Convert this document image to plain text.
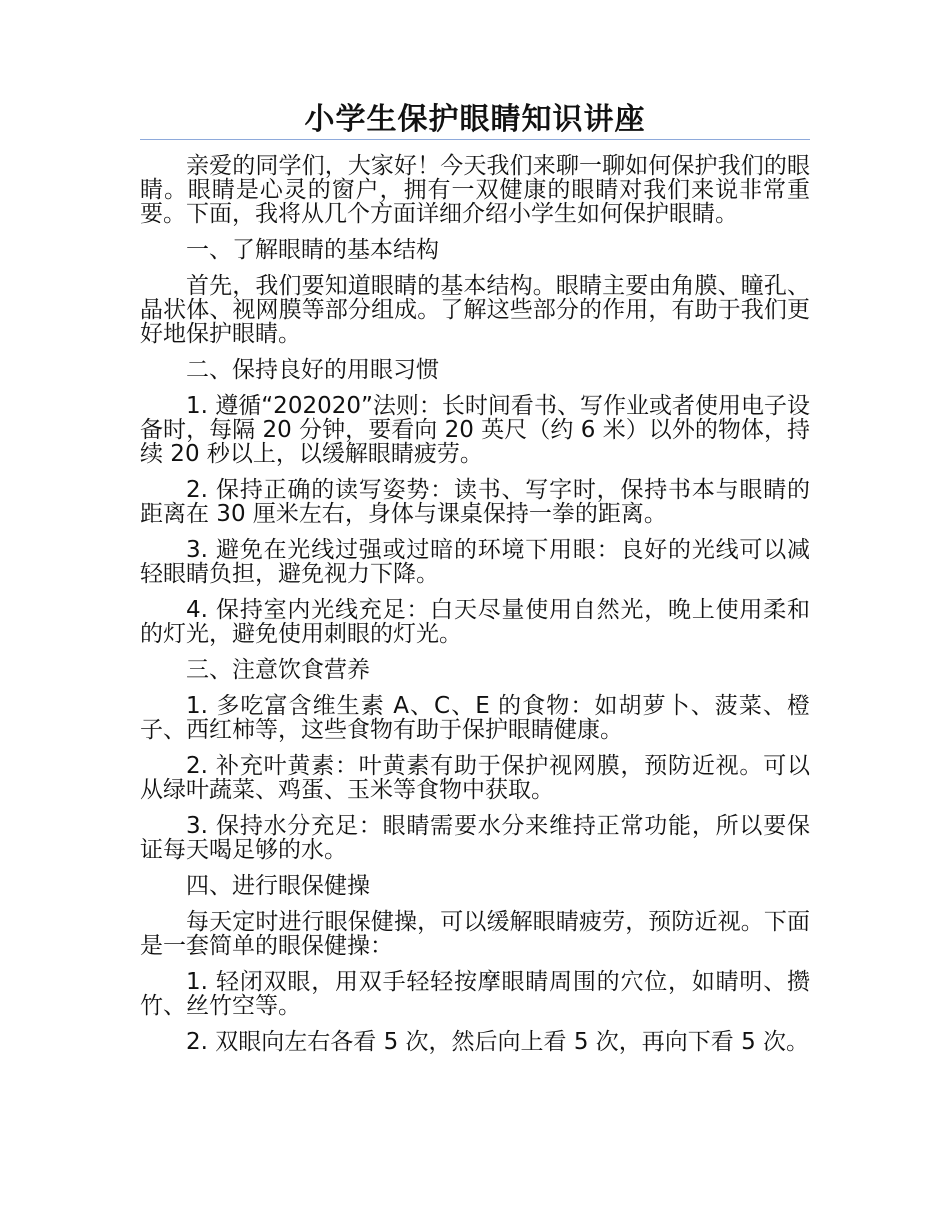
小学生保护眼睛知识讲座

亲爱的同学们，大家好！今天我们来聊一聊如何保护我们的眼睛。眼睛是心灵的窗户，拥有一双健康的眼睛对我们来说非常重要。下面，我将从几个方面详细介绍小学生如何保护眼睛。

一、了解眼睛的基本结构

首先，我们要知道眼睛的基本结构。眼睛主要由角膜、瞳孔、晶状体、视网膜等部分组成。了解这些部分的作用，有助于我们更好地保护眼睛。

二、保持良好的用眼习惯

1. 遵循“202020”法则：长时间看书、写作业或者使用电子设备时，每隔 20 分钟，要看向 20 英尺（约 6 米）以外的物体，持续 20 秒以上，以缓解眼睛疲劳。

2. 保持正确的读写姿势：读书、写字时，保持书本与眼睛的距离在 30 厘米左右，身体与课桌保持一拳的距离。

3. 避免在光线过强或过暗的环境下用眼：良好的光线可以减轻眼睛负担，避免视力下降。

4. 保持室内光线充足：白天尽量使用自然光，晚上使用柔和的灯光，避免使用刺眼的灯光。

三、注意饮食营养

1. 多吃富含维生素 A、C、E 的食物：如胡萝卜、菠菜、橙子、西红柿等，这些食物有助于保护眼睛健康。

2. 补充叶黄素：叶黄素有助于保护视网膜，预防近视。可以从绿叶蔬菜、鸡蛋、玉米等食物中获取。

3. 保持水分充足：眼睛需要水分来维持正常功能，所以要保证每天喝足够的水。

四、进行眼保健操

每天定时进行眼保健操，可以缓解眼睛疲劳，预防近视。下面是一套简单的眼保健操：

1. 轻闭双眼，用双手轻轻按摩眼睛周围的穴位，如睛明、攒竹、丝竹空等。

2. 双眼向左右各看 5 次，然后向上看 5 次，再向下看 5 次。
